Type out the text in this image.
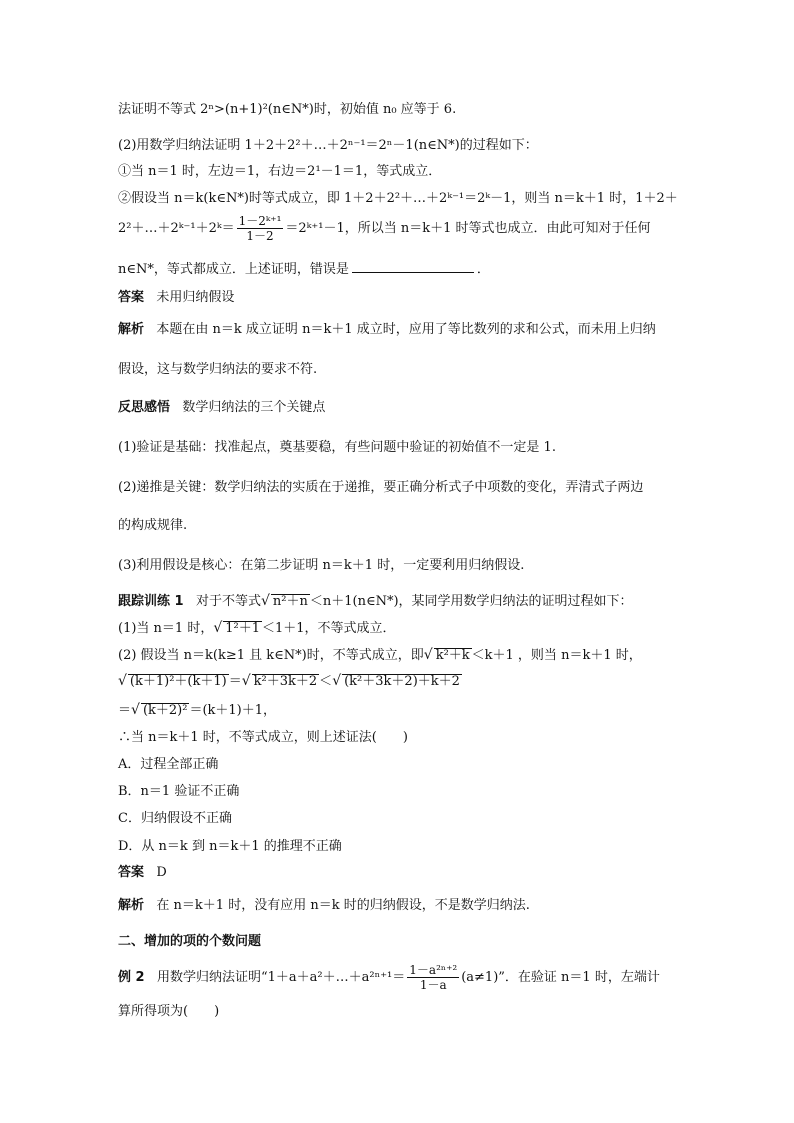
法证明不等式 2ⁿ>(n+1)²(n∈N*)时，初始值 n₀ 应等于 6.
(2)用数学归纳法证明 1＋2＋2²＋…＋2ⁿ⁻¹＝2ⁿ－1(n∈N*)的过程如下：
①当 n＝1 时，左边＝1，右边＝2¹－1＝1，等式成立．
②假设当 n＝k(k∈N*)时等式成立，即 1＋2＋2²＋…＋2ᵏ⁻¹＝2ᵏ－1，则当 n＝k＋1 时，1＋2＋
2²＋…＋2ᵏ⁻¹＋2ᵏ＝ $\frac{\text{1－2ᵏ⁺¹}}{1-2}$ ＝2ᵏ⁺¹－1，所以当 n＝k＋1 时等式也成立．由此可知对于任何
n∈N*，等式都成立．上述证明，错误是	．
答案 未用归纳假设
解析 本题在由 n＝k 成立证明 n＝k＋1 成立时，应用了等比数列的求和公式，而未用上归纳
假设，这与数学归纳法的要求不符.
反思感悟 数学归纳法的三个关键点
(1)验证是基础：找准起点，奠基要稳，有些问题中验证的初始值不一定是 1.
(2)递推是关键：数学归纳法的实质在于递推，要正确分析式子中项数的变化，弄清式子两边
的构成规律.
(3)利用假设是核心：在第二步证明 n＝k＋1 时，一定要利用归纳假设.
跟踪训练 1 对于不等式√ n²＋n ＜n＋1(n∈N*)，某同学用数学归纳法的证明过程如下：
(1)当 n＝1 时，√ 1²＋1 ＜1＋1，不等式成立．
(2) 假设当 n＝k(k≥1 且 k∈N*)时，不等式成立，即√ k²＋k ＜k＋1 ，则当 n＝k＋1 时，
√ (k＋1)²＋(k＋1) ＝√ k²＋3k＋2 ＜√ (k²＋3k＋2)＋k＋2
＝√ (k＋2)² ＝(k＋1)＋1，
∴当 n＝k＋1 时，不等式成立，则上述证法(　　)
A．过程全部正确
B．n＝1 验证不正确
C．归纳假设不正确
D．从 n＝k 到 n＝k＋1 的推理不正确
答案 D
解析 在 n＝k＋1 时，没有应用 n＝k 时的归纳假设，不是数学归纳法.
二、增加的项的个数问题
例 2 用数学归纳法证明“1＋a＋a²＋…＋a²ⁿ⁺¹＝ $\frac{\text{1－a²ⁿ⁺²}}{1-a} (a\ne 1)$”．在验证 n＝1 时，左端计
算所得项为(　　)
